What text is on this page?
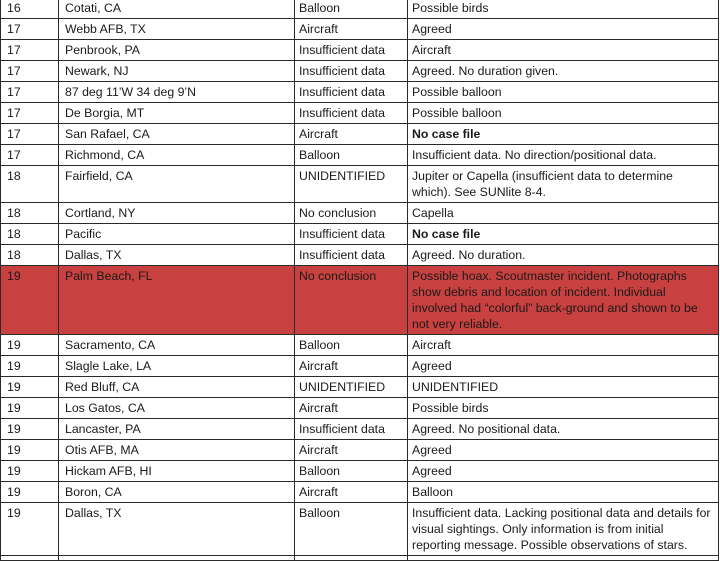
16	Cotati, CA	Balloon	Possible birds
17	Webb AFB, TX	Aircraft	Agreed
17	Penbrook, PA	Insufficient data	Aircraft
17	Newark, NJ	Insufficient data	Agreed. No duration given.
17	87 deg 11’W 34 deg 9’N	Insufficient data	Possible balloon
17	De Borgia, MT	Insufficient data	Possible balloon
17	San Rafael, CA	Aircraft	No case file
17	Richmond, CA	Balloon	Insufficient data. No direction/positional data.
18	Fairfield, CA	UNIDENTIFIED	Jupiter or Capella (insufficient data to determine which). See SUNlite 8-4.
18	Cortland, NY	No conclusion	Capella
18	Pacific	Insufficient data	No case file
18	Dallas, TX	Insufficient data	Agreed. No duration.
19	Palm Beach, FL	No conclusion	Possible hoax. Scoutmaster incident. Photographs show debris and location of incident. Individual involved had “colorful” back-ground and shown to be not very reliable.
19	Sacramento, CA	Balloon	Aircraft
19	Slagle Lake, LA	Aircraft	Agreed
19	Red Bluff, CA	UNIDENTIFIED	UNIDENTIFIED
19	Los Gatos, CA	Aircraft	Possible birds
19	Lancaster, PA	Insufficient data	Agreed. No positional data.
19	Otis AFB, MA	Aircraft	Agreed
19	Hickam AFB, HI	Balloon	Agreed
19	Boron, CA	Aircraft	Balloon
19	Dallas, TX	Balloon	Insufficient data. Lacking positional data and details for visual sightings. Only information is from initial reporting message. Possible observations of stars.
